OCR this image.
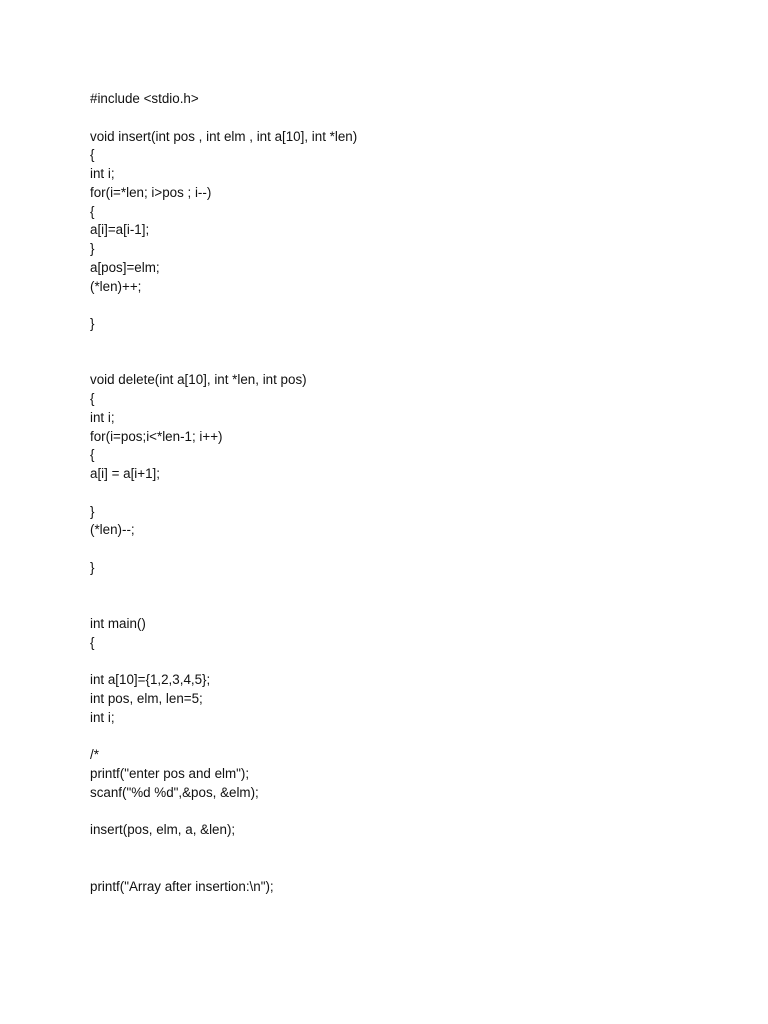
#include <stdio.h>
void insert(int pos , int elm , int a[10], int *len)
{
int i;
for(i=*len; i>pos ; i--)
{
a[i]=a[i-1];
}
a[pos]=elm;
(*len)++;
}
void delete(int a[10], int *len, int pos)
{
int i;
for(i=pos;i<*len-1; i++)
{
a[i] = a[i+1];
}
(*len)--;
}
int main()
{
int a[10]={1,2,3,4,5};
int pos, elm, len=5;
int i;
/*
printf("enter pos and elm");
scanf("%d %d",&pos, &elm);
insert(pos, elm, a, &len);
printf("Array after insertion:\n");
